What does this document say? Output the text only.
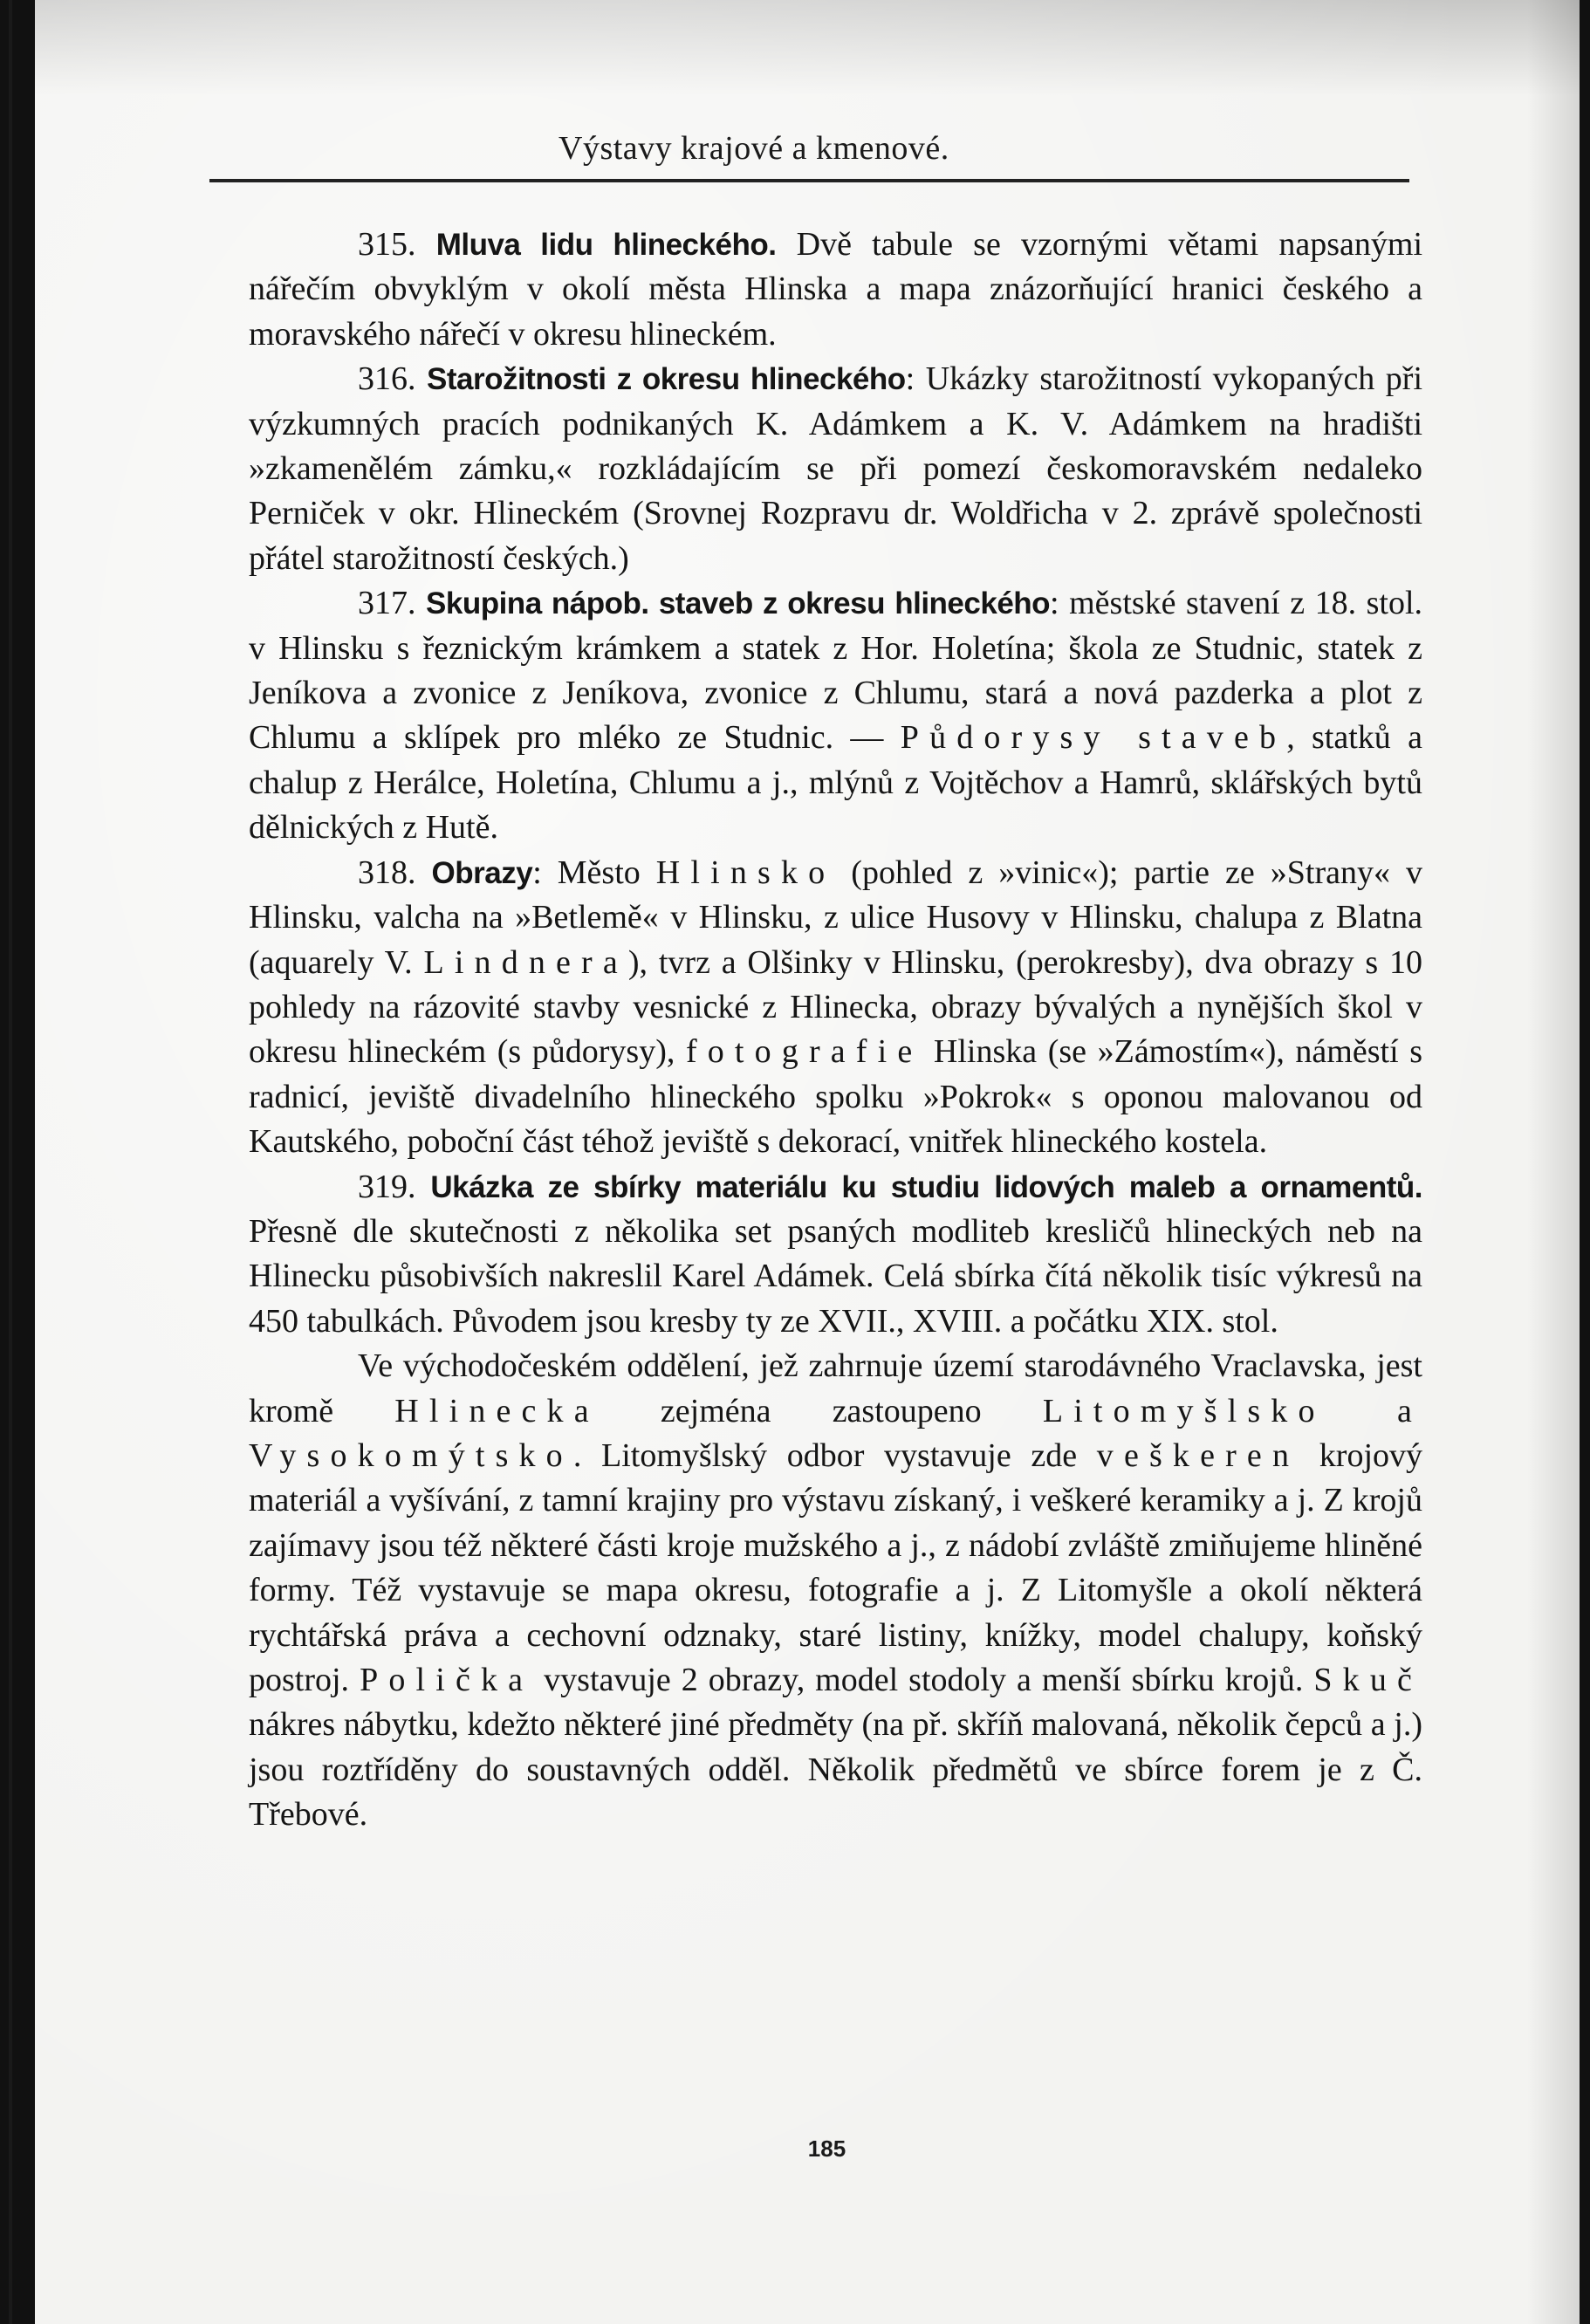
Výstavy krajové a kmenové.

315. Mluva lidu hlineckého. Dvě tabule se vzornými větami napsanými nářečím obvyklým v okolí města Hlinska a mapa znázorňující hranici českého a moravského nářečí v okresu hlineckém.

316. Starožitnosti z okresu hlineckého: Ukázky starožitností vykopaných při výzkumných pracích podnikaných K. Adámkem a K. V. Adámkem na hradišti »zkamenělém zámku,« rozkládajícím se při pomezí českomoravském nedaleko Perniček v okr. Hlineckém (Srovnej Rozpravu dr. Woldřicha v 2. zprávě společnosti přátel starožitností českých.)

317. Skupina nápob. staveb z okresu hlineckého: městské stavení z 18. stol. v Hlinsku s řeznickým krámkem a statek z Hor. Holetína; škola ze Studnic, statek z Jeníkova a zvonice z Jeníkova, zvonice z Chlumu, stará a nová pazderka a plot z Chlumu a sklípek pro mléko ze Studnic. — Půdorysy staveb, statků a chalup z Herálce, Holetína, Chlumu a j., mlýnů z Vojtěchov a Hamrů, sklářských bytů dělnických z Hutě.

318. Obrazy: Město Hlinsko (pohled z »vinic«); partie ze »Strany« v Hlinsku, valcha na »Betlemě« v Hlinsku, z ulice Husovy v Hlinsku, chalupa z Blatna (aquarely V. Lindnera), tvrz a Olšinky v Hlinsku, (perokresby), dva obrazy s 10 pohledy na rázovité stavby vesnické z Hlinecka, obrazy bývalých a nynějších škol v okresu hlineckém (s půdorysy), fotografie Hlinska (se »Zámostím«), náměstí s radnicí, jeviště divadelního hlineckého spolku »Pokrok« s oponou malovanou od Kautského, poboční část téhož jeviště s dekorací, vnitřek hlineckého kostela.

319. Ukázka ze sbírky materiálu ku studiu lidových maleb a ornamentů. Přesně dle skutečnosti z několika set psaných modliteb kresličů hlineckých neb na Hlinecku působivších nakreslil Karel Adámek. Celá sbírka čítá několik tisíc výkresů na 450 tabulkách. Původem jsou kresby ty ze XVII., XVIII. a počátku XIX. stol.

Ve východočeském oddělení, jež zahrnuje území starodávného Vraclavska, jest kromě Hlinecka zejména zastoupeno Litomyšlsko a Vysokomýtsko. Litomyšlský odbor vystavuje zde veškeren krojový materiál a vyšívání, z tamní krajiny pro výstavu získaný, i veškeré keramiky a j. Z krojů zajímavy jsou též některé části kroje mužského a j., z nádobí zvláště zmiňujeme hliněné formy. Též vystavuje se mapa okresu, fotografie a j. Z Litomyšle a okolí některá rychtářská práva a cechovní odznaky, staré listiny, knížky, model chalupy, koňský postroj. Polička vystavuje 2 obrazy, model stodoly a menší sbírku krojů. Skuč nákres nábytku, kdežto některé jiné předměty (na př. skříň malovaná, několik čepců a j.) jsou roztříděny do soustavných odděl. Několik předmětů ve sbírce forem je z Č. Třebové.

185
